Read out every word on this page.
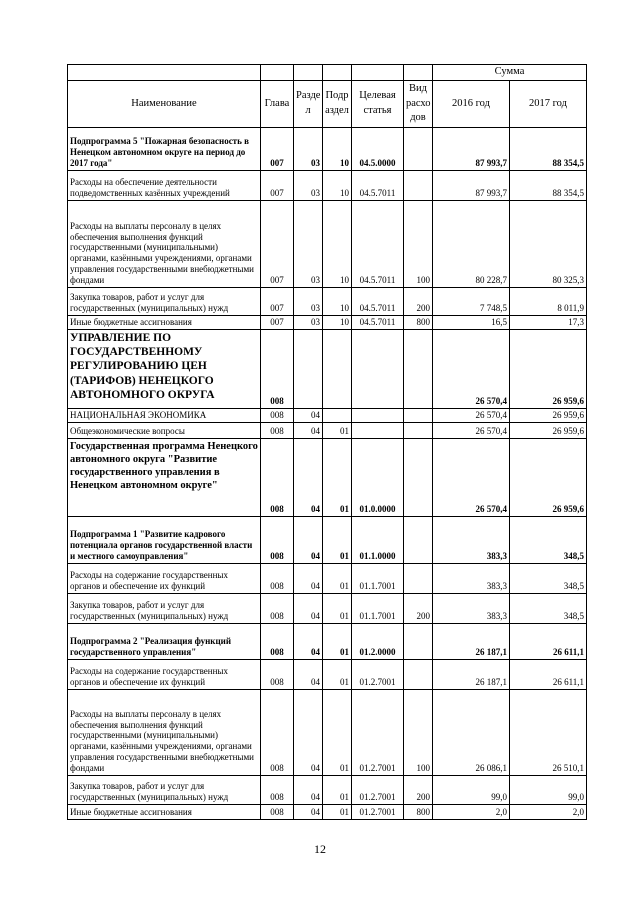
						Сумма	
Наименование	Глава	Разде л	Подр аздел	Целевая статья	Вид расхо дов	2016 год	2017 год
Подпрограмма 5 "Пожарная безопасность в Ненецком автономном округе на период до 2017 года"	007	03	10	04.5.0000		87 993,7	88 354,5
Расходы на обеспечение деятельности подведомственных казённых учреждений	007	03	10	04.5.7011		87 993,7	88 354,5
Расходы на выплаты персоналу в целях обеспечения выполнения функций государственными (муниципальными) органами, казёнными учреждениями, органами управления государственными внебюджетными фондами	007	03	10	04.5.7011	100	80 228,7	80 325,3
Закупка товаров, работ и услуг для государственных (муниципальных) нужд	007	03	10	04.5.7011	200	7 748,5	8 011,9
Иные бюджетные ассигнования	007	03	10	04.5.7011	800	16,5	17,3
УПРАВЛЕНИЕ ПО ГОСУДАРСТВЕННОМУ РЕГУЛИРОВАНИЮ ЦЕН (ТАРИФОВ) НЕНЕЦКОГО АВТОНОМНОГО ОКРУГА	008					26 570,4	26 959,6
НАЦИОНАЛЬНАЯ ЭКОНОМИКА	008	04				26 570,4	26 959,6
Общеэкономические вопросы	008	04	01			26 570,4	26 959,6
Государственная программа Ненецкого автономного округа "Развитие государственного управления в Ненецком автономном округе"	008	04	01	01.0.0000		26 570,4	26 959,6
Подпрограмма 1 "Развитие кадрового потенциала органов государственной власти и местного самоуправления"	008	04	01	01.1.0000		383,3	348,5
Расходы на содержание государственных органов и обеспечение их функций	008	04	01	01.1.7001		383,3	348,5
Закупка товаров, работ и услуг для государственных (муниципальных) нужд	008	04	01	01.1.7001	200	383,3	348,5
Подпрограмма 2 "Реализация функций государственного управления"	008	04	01	01.2.0000		26 187,1	26 611,1
Расходы на содержание государственных органов и обеспечение их функций	008	04	01	01.2.7001		26 187,1	26 611,1
Расходы на выплаты персоналу в целях обеспечения выполнения функций государственными (муниципальными) органами, казёнными учреждениями, органами управления государственными внебюджетными фондами	008	04	01	01.2.7001	100	26 086,1	26 510,1
Закупка товаров, работ и услуг для государственных (муниципальных) нужд	008	04	01	01.2.7001	200	99,0	99,0
Иные бюджетные ассигнования	008	04	01	01.2.7001	800	2,0	2,0
12
